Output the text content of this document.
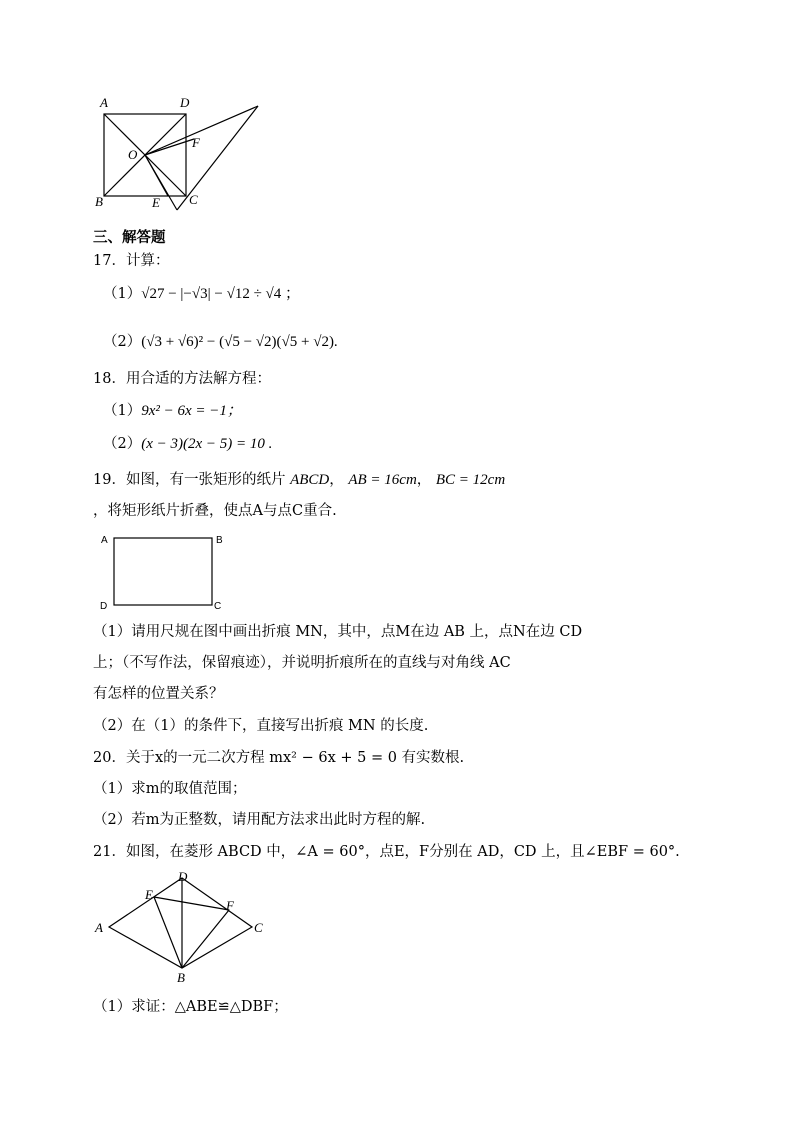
A	D
O
F
B	E C
三、解答题
17．计算：
（1）√27 − |−√3| − √12 ÷ √4 ；
（2）(√3 + √6)² − (√5 − √2)(√5 + √2).
18．用合适的方法解方程：
（1）9x² − 6x = −1；
（2）(x − 3)(2x − 5) = 10 .
19．如图，有一张矩形的纸片 ABCD， AB = 16cm， BC = 12cm
，将矩形纸片折叠，使点A与点C重合.
A	B
C
D
（1）请用尺规在图中画出折痕 MN，其中，点M在边 AB 上，点N在边 CD
上；（不写作法，保留痕迹），并说明折痕所在的直线与对角线 AC
有怎样的位置关系？
（2）在（1）的条件下，直接写出折痕 MN 的长度.
20．关于x的一元二次方程 mx² − 6x + 5 = 0 有实数根.
（1）求m的取值范围；
（2）若m为正整数，请用配方法求出此时方程的解.
21．如图，在菱形 ABCD 中，∠A = 60°，点E，F分别在 AD，CD 上，且∠EBF = 60°.
D
E
F
A	C
B
（1）求证：△ABE≌△DBF；
